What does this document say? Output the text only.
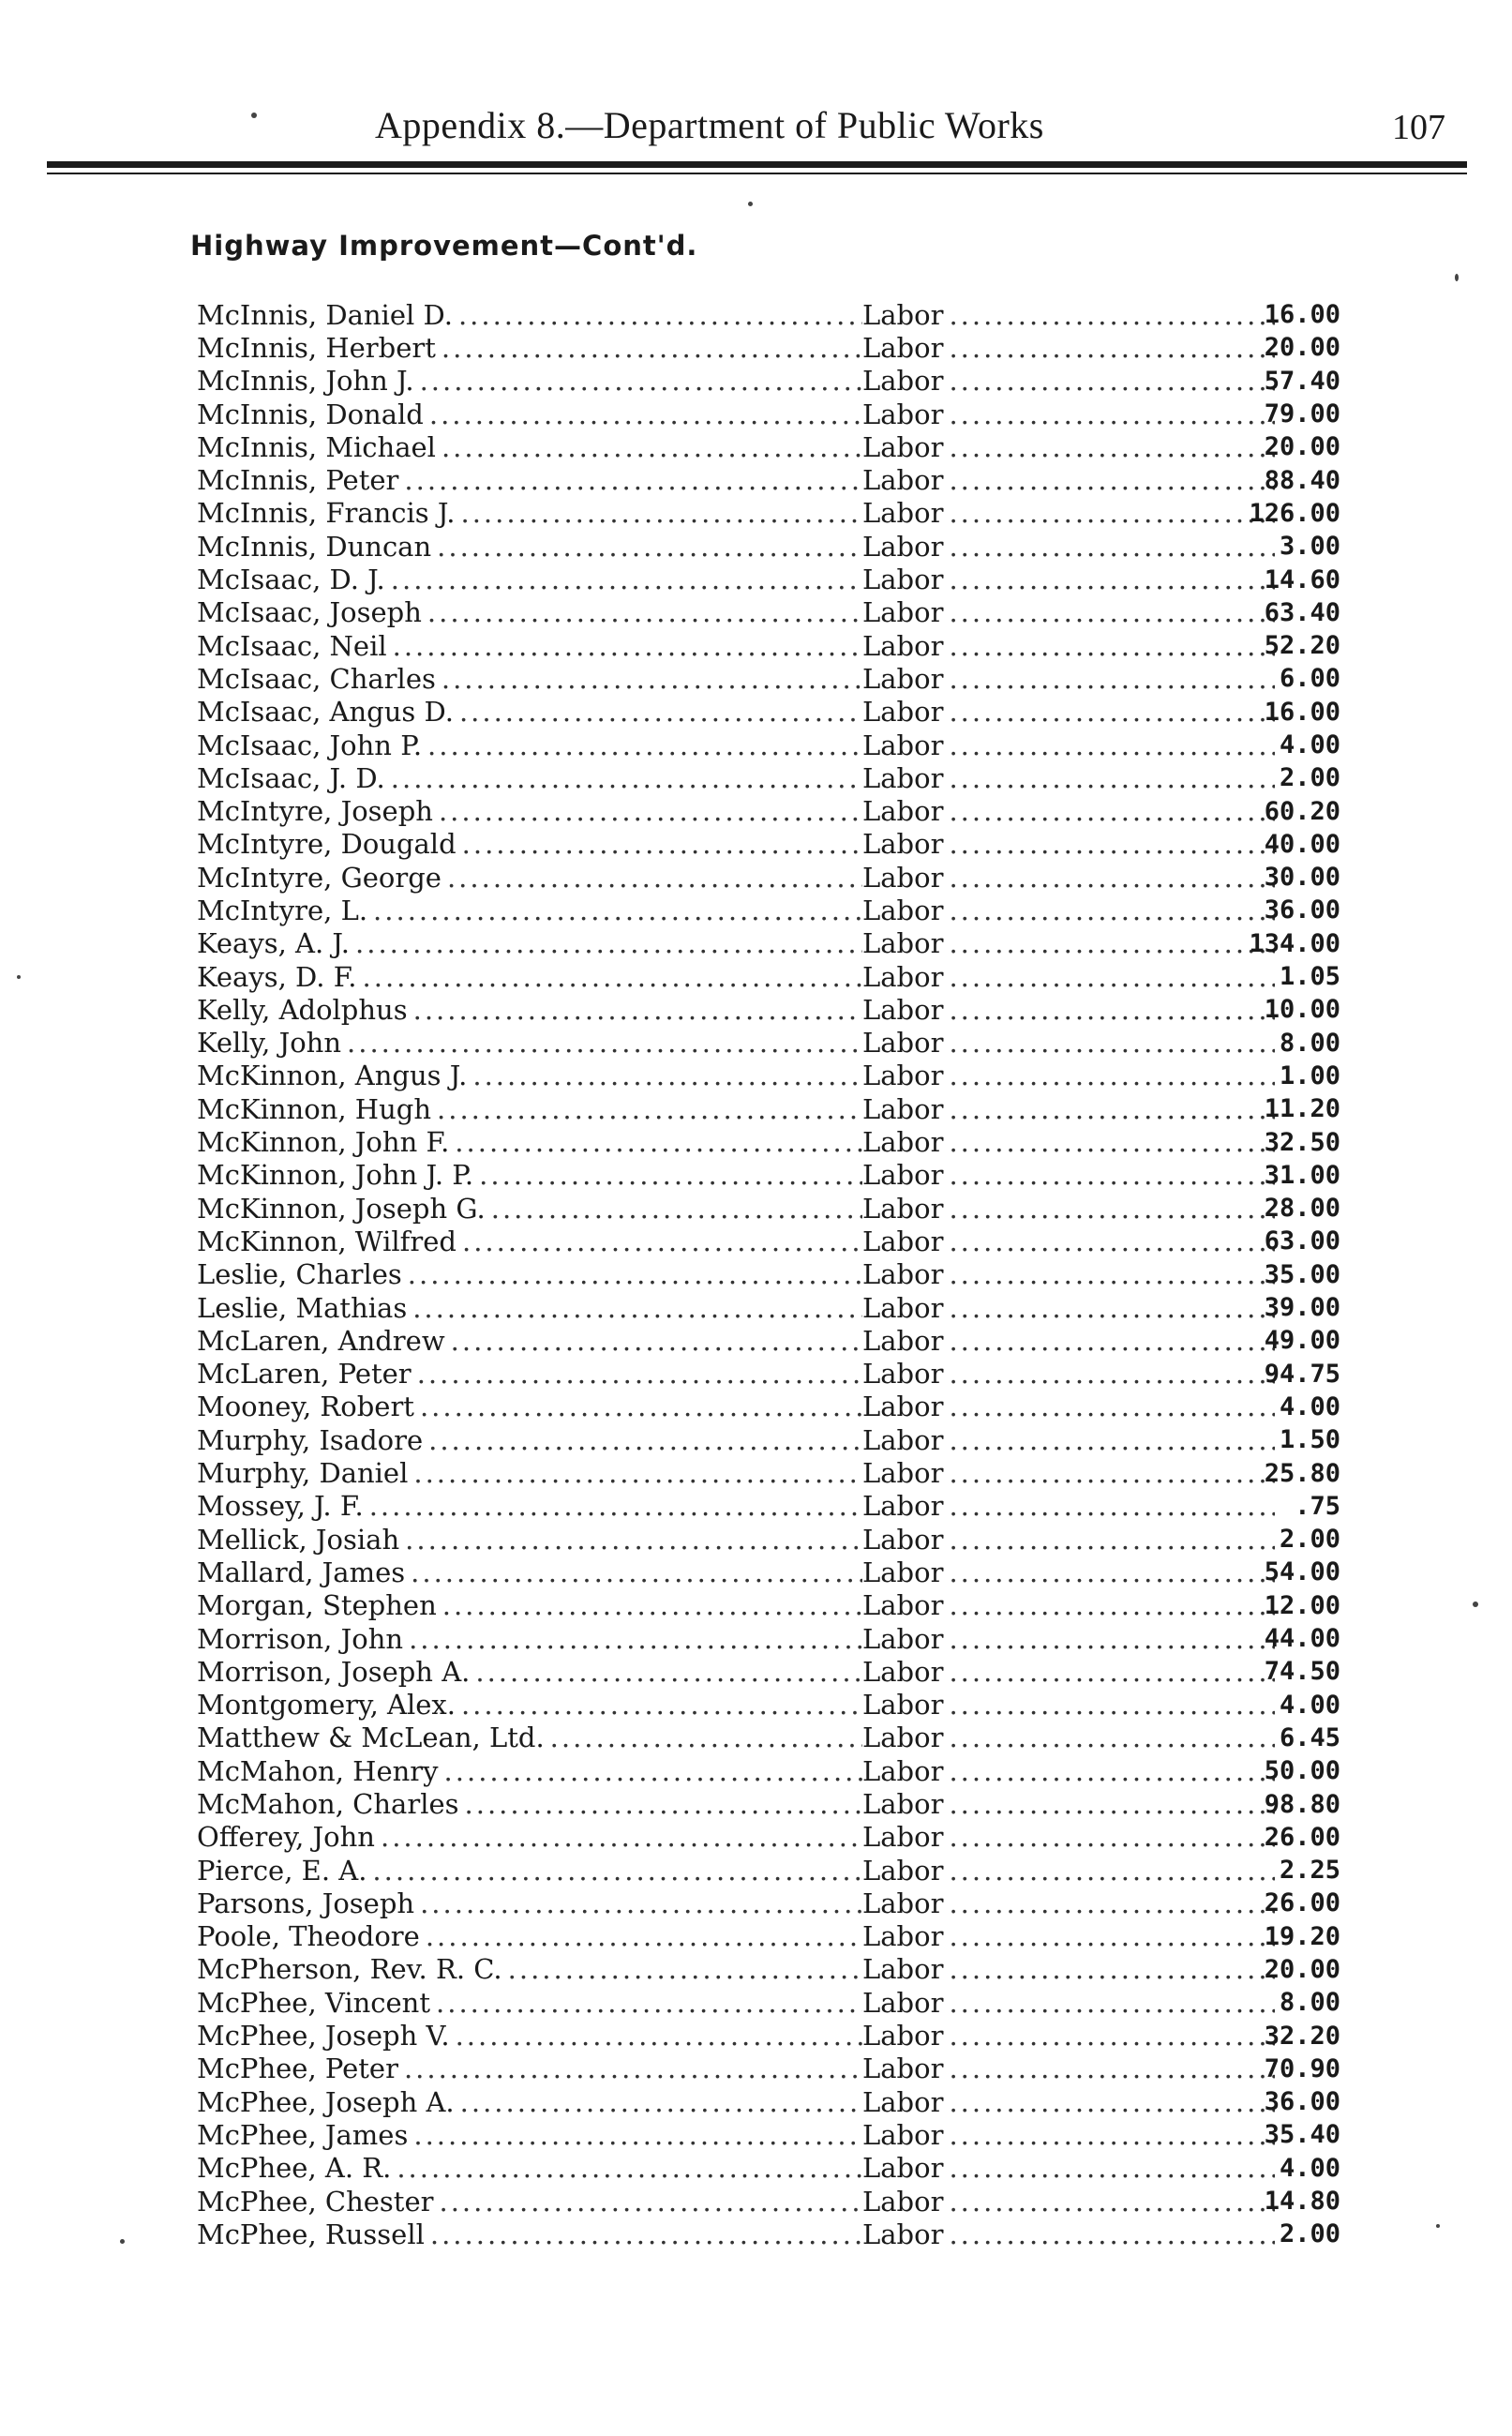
Appendix 8.—Department of Public Works	107
Highway Improvement—Cont'd.
McInnis, Daniel D. .....	Labor .....	16.00
McInnis, Herbert .....	Labor .....	20.00
McInnis, John J. .....	Labor .....	57.40
McInnis, Donald .....	Labor .....	79.00
McInnis, Michael .....	Labor .....	20.00
McInnis, Peter .....	Labor .....	88.40
McInnis, Francis J. .....	Labor .....	126.00
McInnis, Duncan .....	Labor .....	3.00
McIsaac, D. J. .....	Labor .....	14.60
McIsaac, Joseph .....	Labor .....	63.40
McIsaac, Neil .....	Labor .....	52.20
McIsaac, Charles .....	Labor .....	6.00
McIsaac, Angus D. .....	Labor .....	16.00
McIsaac, John P. .....	Labor .....	4.00
McIsaac, J. D. .....	Labor .....	2.00
McIntyre, Joseph .....	Labor .....	60.20
McIntyre, Dougald .....	Labor .....	40.00
McIntyre, George .....	Labor .....	30.00
McIntyre, L. .....	Labor .....	36.00
Keays, A. J. .....	Labor .....	134.00
Keays, D. F. .....	Labor .....	1.05
Kelly, Adolphus .....	Labor .....	10.00
Kelly, John .....	Labor .....	8.00
McKinnon, Angus J. .....	Labor .....	1.00
McKinnon, Hugh .....	Labor .....	11.20
McKinnon, John F. .....	Labor .....	32.50
McKinnon, John J. P. .....	Labor .....	31.00
McKinnon, Joseph G. .....	Labor .....	28.00
McKinnon, Wilfred .....	Labor .....	63.00
Leslie, Charles .....	Labor .....	35.00
Leslie, Mathias .....	Labor .....	39.00
McLaren, Andrew .....	Labor .....	49.00
McLaren, Peter .....	Labor .....	94.75
Mooney, Robert .....	Labor .....	4.00
Murphy, Isadore .....	Labor .....	1.50
Murphy, Daniel .....	Labor .....	25.80
Mossey, J. F. .....	Labor .....	.75
Mellick, Josiah .....	Labor .....	2.00
Mallard, James .....	Labor .....	54.00
Morgan, Stephen .....	Labor .....	12.00
Morrison, John .....	Labor .....	44.00
Morrison, Joseph A. .....	Labor .....	74.50
Montgomery, Alex. .....	Labor .....	4.00
Matthew & McLean, Ltd. .....	Labor .....	6.45
McMahon, Henry .....	Labor .....	50.00
McMahon, Charles .....	Labor .....	98.80
Offerey, John .....	Labor .....	26.00
Pierce, E. A. .....	Labor .....	2.25
Parsons, Joseph .....	Labor .....	26.00
Poole, Theodore .....	Labor .....	19.20
McPherson, Rev. R. C. .....	Labor .....	20.00
McPhee, Vincent .....	Labor .....	8.00
McPhee, Joseph V. .....	Labor .....	32.20
McPhee, Peter .....	Labor .....	70.90
McPhee, Joseph A. .....	Labor .....	36.00
McPhee, James .....	Labor .....	35.40
McPhee, A. R. .....	Labor .....	4.00
McPhee, Chester .....	Labor .....	14.80
McPhee, Russell .....	Labor .....	2.00
